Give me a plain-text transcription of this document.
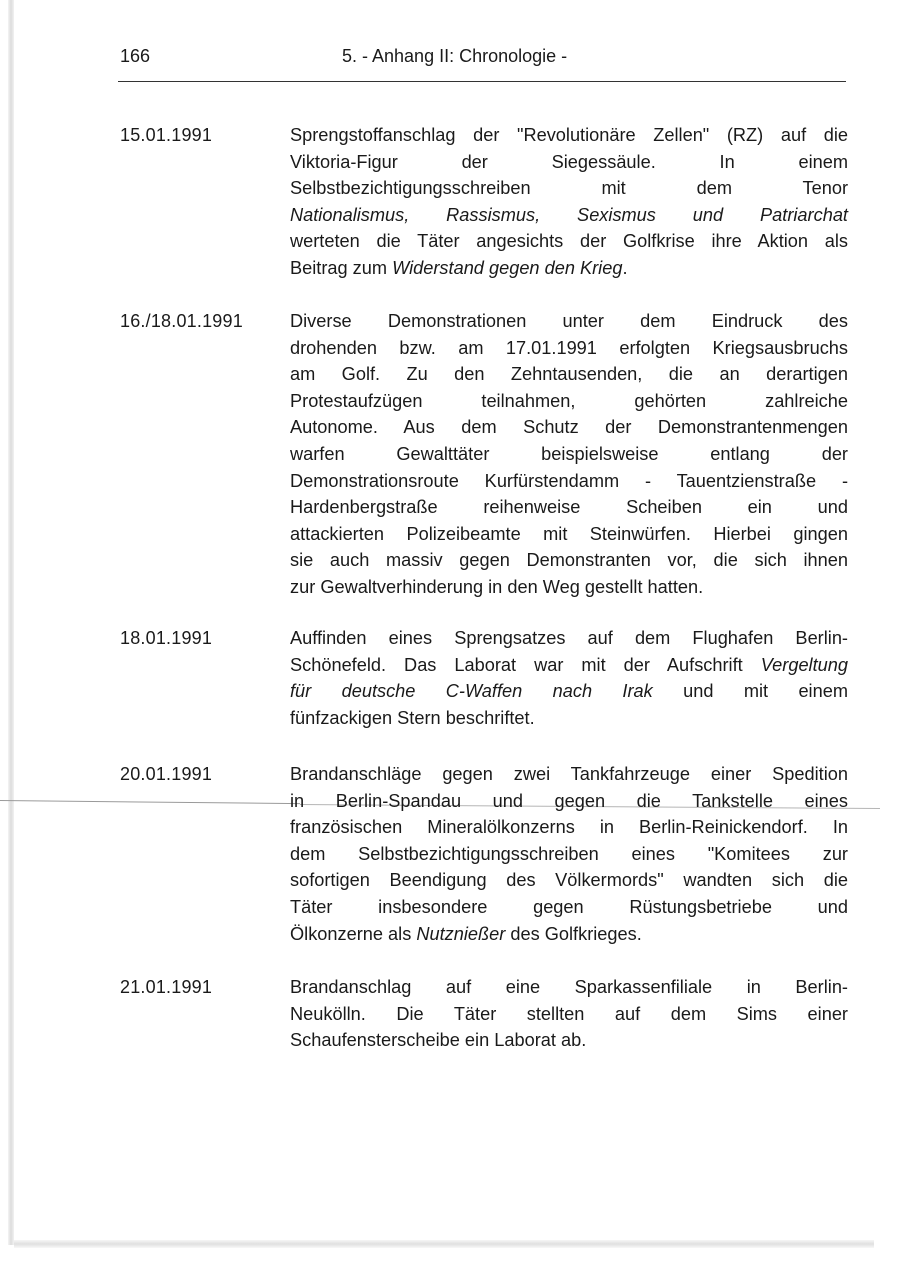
166	5. - Anhang II: Chronologie -
15.01.1991	Sprengstoffanschlag der "Revolutionäre Zellen" (RZ) auf die
Viktoria-Figur der Siegessäule. In einem
Selbstbezichtigungsschreiben mit dem Tenor
Nationalismus, Rassismus, Sexismus und Patriarchat
werteten die Täter angesichts der Golfkrise ihre Aktion als
Beitrag zum Widerstand gegen den Krieg.
16./18.01.1991	Diverse Demonstrationen unter dem Eindruck des
drohenden bzw. am 17.01.1991 erfolgten Kriegsausbruchs
am Golf. Zu den Zehntausenden, die an derartigen
Protestaufzügen teilnahmen, gehörten zahlreiche
Autonome. Aus dem Schutz der Demonstrantenmengen
warfen Gewalttäter beispielsweise entlang der
Demonstrationsroute Kurfürstendamm - Tauentzienstraße -
Hardenbergstraße reihenweise Scheiben ein und
attackierten Polizeibeamte mit Steinwürfen. Hierbei gingen
sie auch massiv gegen Demonstranten vor, die sich ihnen
zur Gewaltverhinderung in den Weg gestellt hatten.
18.01.1991	Auffinden eines Sprengsatzes auf dem Flughafen Berlin-
Schönefeld. Das Laborat war mit der Aufschrift Vergeltung
für deutsche C-Waffen nach Irak und mit einem
fünfzackigen Stern beschriftet.
20.01.1991	Brandanschläge gegen zwei Tankfahrzeuge einer Spedition
in Berlin-Spandau und gegen die Tankstelle eines
französischen Mineralölkonzerns in Berlin-Reinickendorf. In
dem Selbstbezichtigungsschreiben eines "Komitees zur
sofortigen Beendigung des Völkermords" wandten sich die
Täter insbesondere gegen Rüstungsbetriebe und
Ölkonzerne als Nutznießer des Golfkrieges.
21.01.1991	Brandanschlag auf eine Sparkassenfiliale in Berlin-
Neukölln. Die Täter stellten auf dem Sims einer
Schaufensterscheibe ein Laborat ab.
